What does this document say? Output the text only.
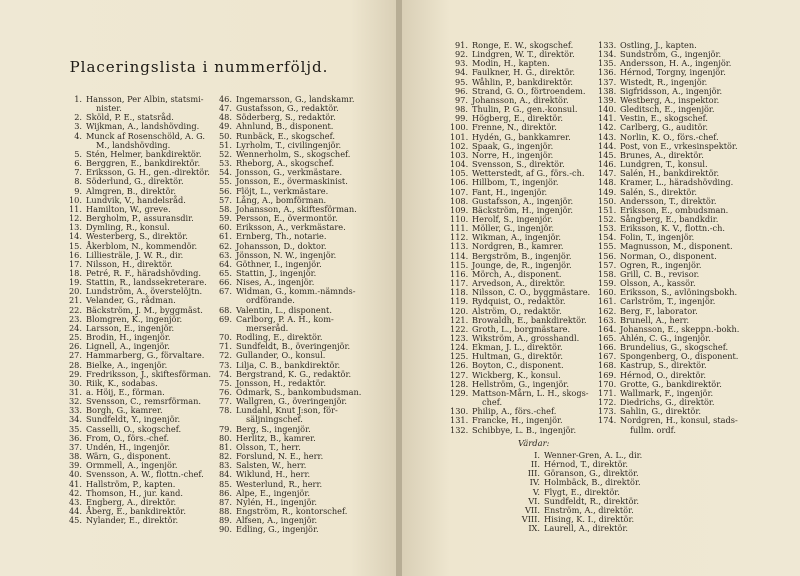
Placeringslista i nummerföljd.
1. Hansson, Per Albin, statsmi-
nister.
2. Sköld, P. E., statsråd.
3. Wijkman, A., landshövding.
4. Munck af Rosenschöld, A. G.
M., landshövding.
5. Stén, Helmer, bankdirektör.
6. Berggren, E., bankdirektör.
7. Eriksson, G. H., gen.-direktör.
8. Söderlund, G., direktör.
9. Almgren, B., direktör.
10. Lundvik, V., handelsråd.
11. Hamilton, W., greve.
12. Bergholm, P., assuransdir.
13. Dymling, R., konsul.
14. Westerberg, S., direktör.
15. Åkerblom, N., kommendör.
16. Lilliesträle, J. W. R., dir.
17. Nilsson, H., direktör.
18. Petré, R. F., häradshövding.
19. Stattin, R., landssekreterare.
20. Lundström, A., överstelöjtn.
21. Velander, G., rådman.
22. Bäckström, J. M., byggmäst.
23. Blomgren, K., ingenjör.
24. Larsson, E., ingenjör.
25. Brodin, H., ingenjör.
26. Lignell, A., ingenjör.
27. Hammarberg, G., förvaltare.
28. Bielke, A., ingenjör.
29. Fredriksson, J., skiftesförman.
30. Riik, K., sodabas.
31. a. Höij, E., förman.
32. Svensson, C., remsrförman.
33. Borgh, G., kamrer.
34. Sundfeldt, Y., ingenjör.
35. Casselli, O., skogschef.
36. From, O., förs.-chef.
37. Undén, H., ingenjör.
38. Wärn, G., disponent.
39. Ormmell, A., ingenjör.
40. Svensson, A. W., flottn.-chef.
41. Hallström, P., kapten.
42. Thomson, H., jur. kand.
43. Engberg, A., direktör.
44. Åberg, E., bankdirektör.
45. Nylander, E., direktör.
46. Ingemarsson, G., landskamr.
47. Gustafsson, G., redaktör.
48. Söderberg, S., redaktör.
49. Ahnlund, B., disponent.
50. Runbäck, E., skogschef.
51. Lyrholm, T., civilingenjör.
52. Wennerholm, S., skogschef.
53. Rheborg, A., skogschef.
54. Jonsson, G., verkmästare.
55. Jonsson, E., övermaskinist.
56. Flöjt, L., verkmästare.
57. Lång, A., bomförman.
58. Johansson, A., skiftesförman.
59. Persson, E., övermontör.
60. Eriksson, A., verkmästare.
61. Ernberg, Th., notarie.
62. Johansson, D., doktor.
63. Jönsson, N. W., ingenjör.
64. Göthner, I., ingenjör.
65. Stattin, J., ingenjör.
66. Nises, A., ingenjör.
67. Widman, G., komm.-nämnds-
ordförande.
68. Valentin, L., disponent.
69. Carlborg, P. A. H., kom-
merseråd.
70. Rodling, E., direktör.
71. Sundfeldt, B., överingenjör.
72. Gullander, O., konsul.
73. Lilja, C. B., bankdirektör.
74. Bergstrand, K. G., redaktör.
75. Jonsson, H., redaktör.
76. Ödmark, S., bankombudsman.
77. Wallgren, G., överingenjör.
78. Lundahl, Knut J:son, för-
säljningschef.
79. Berg, S., ingenjör.
80. Herlitz, B., kamrer.
81. Olsson, T., herr.
82. Forslund, N. E., herr.
83. Salsten, W., herr.
84. Wiklund, H., herr.
85. Westerlund, R., herr.
86. Alpe, E., ingenjör.
87. Nylén, H., ingenjör.
88. Engström, R., kontorschef.
89. Alfsen, A., ingenjör.
90. Edling, G., ingenjör.
91. Ronge, E. W., skogschef.
92. Lindgren, W. T., direktör.
93. Modin, H., kapten.
94. Faulkner, H. G., direktör.
95. Wåhlin, P., bankdirektör.
96. Strand, G. O., förtroendem.
97. Johansson, A., direktör.
98. Thulin, P. G., gen.-konsul.
99. Högberg, E., direktör.
100. Frenne, N., direktör.
101. Hydén, G., bankkamrer.
102. Spaak, G., ingenjör.
103. Norre, H., ingenjör.
104. Svensson, S., direktör.
105. Wetterstedt, af G., förs.-ch.
106. Hillbom, T., ingenjör.
107. Fant, H., ingenjör.
108. Gustafsson, A., ingenjör.
109. Bäckström, H., ingenjör.
110. Herolf, S., ingenjör.
111. Möller, G., ingenjör.
112. Wikman, A., ingenjör.
113. Nordgren, B., kamrer.
114. Bergström, B., ingenjör.
115. Jounge, de, R., ingenjör.
116. Mörch, A., disponent.
117. Arvedson, A., direktör.
118. Nilsson, C. O., byggmästare.
119. Rydquist, O., redaktör.
120. Alström, O., redaktör.
121. Browaldh, E., bankdirektör.
122. Groth, L., borgmästare.
123. Wikström, A., grosshandl.
124. Ekman, J. L., direktör.
125. Hultman, G., direktör.
126. Boyton, C., disponent.
127. Wickberg, K., konsul.
128. Hellström, G., ingenjör.
129. Mattson-Mårn, L. H., skogs-
chef.
130. Philip, A., förs.-chef.
131. Francke, H., ingenjör.
132. Schibbye, L. B., ingenjör.
133. Ostling, J., kapten.
134. Sundström, G., ingenjör.
135. Andersson, H. A., ingenjör.
136. Hérnod, Torgny, ingenjör.
137. Wistedt, R., ingenjör.
138. Sigfridsson, A., ingenjör.
139. Westberg, A., inspektor.
140. Gleditsch, E., ingenjör.
141. Vestin, E., skogschef.
142. Carlberg, G., auditör.
143. Norlin, K. O., förs.-chef.
144. Post, von E., vrkesinspektör.
145. Brunes, A., direktör.
146. Lundgren, T., konsul.
147. Salén, H., bankdirektör.
148. Kramer, L., häradshövding.
149. Salén, S., direktör.
150. Andersson, T., direktör.
151. Eriksson, E., ombudsman.
152. Sångberg, E., bandkdir.
153. Eriksson, K. V., flottn.-ch.
154. Folin, T., ingenjör.
155. Magnusson, M., disponent.
156. Norman, O., disponent.
157. Ogren, R., ingenjör.
158. Grill, C. B., revisor.
159. Olsson, A., kassör.
160. Eriksson, S., avlöningsbokh.
161. Carlström, T., ingenjör.
162. Berg, F., laborator.
163. Brunell, A., herr.
164. Johansson, E., skeppn.-bokh.
165. Ahlén, C. G., ingenjör.
166. Brundelius, G., skogschef.
167. Spongenberg, O., disponent.
168. Kastrup, S., direktör.
169. Hérnod, O., direktör.
170. Grotte, G., bankdirektör.
171. Wallmark, F., ingenjör.
172. Diedrichs, G., direktör.
173. Sahlin, G., direktör.
174. Nordgren, H., konsul, stads-
fullm. ordf.
Värdar:
I. Wenner-Gren, A. L., dir.
II. Hérnod, T., direktör.
III. Göranson, G., direktör.
IV. Holmbäck, B., direktör.
V. Flygt, E., direktör.
VI. Sundfeldt, R., direktör.
VII. Enström, A., direktör.
VIII. Hising, K. I., direktör.
IX. Laurell, A., direktör.
